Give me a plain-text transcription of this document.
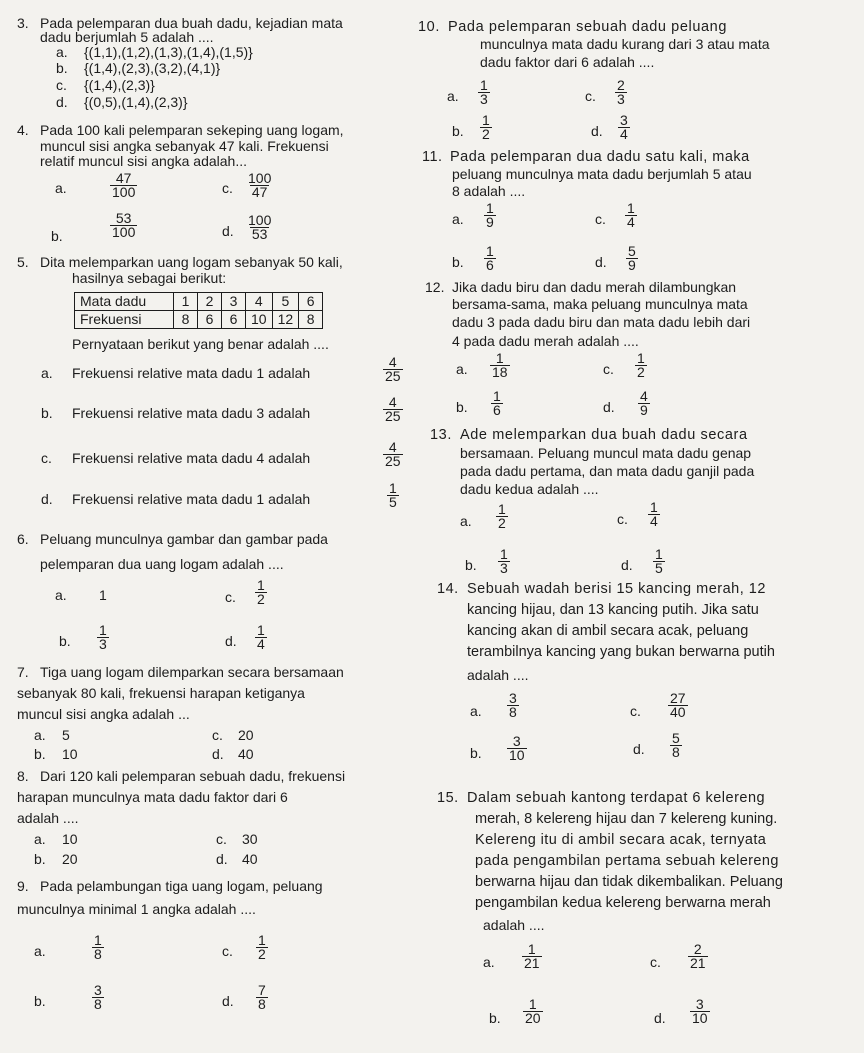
3. Pada pelemparan dua buah dadu, kejadian mata
dadu berjumlah 5 adalah ....
a. {(1,1),(1,2),(1,3),(1,4),(1,5)}
b. {(1,4),(2,3),(3,2),(4,1)}
c. {(1,4),(2,3)}
d. {(0,5),(1,4),(2,3)}
4. Pada 100 kali pelemparan sekeping uang logam,
muncul sisi angka sebanyak 47 kali. Frekuensi
relatif muncul sisi angka adalah...
a.	$\frac{47}{100}$	c. $\frac{100}{47}$
b.	$\frac{53}{100}$	d. $\frac{100}{53}$
5. Dita melemparkan uang logam sebanyak 50 kali,
hasilnya sebagai berikut:
Mata dadu	1	2	3	4	5	6
Frekuensi	8	6	6	10	12	8
Pernyataan berikut yang benar adalah ....
a. Frekuensi relative mata dadu 1 adalah	$\frac{4}{25}$
b. Frekuensi relative mata dadu 3 adalah	$\frac{4}{25}$
c. Frekuensi relative mata dadu 4 adalah	$\frac{4}{25}$
d. Frekuensi relative mata dadu 1 adalah	$\frac{1}{5}$
6. Peluang munculnya gambar dan gambar pada
pelemparan dua uang logam adalah ....
a. 1	c. $\frac{1}{2}$
b. $\frac{1}{3}$	d. $\frac{1}{4}$
7. Tiga uang logam dilemparkan secara bersamaan
sebanyak 80 kali, frekuensi harapan ketiganya
muncul sisi angka adalah ...
a. 5	c. 20
b. 10	d. 40
8. Dari 120 kali pelemparan sebuah dadu, frekuensi
harapan munculnya mata dadu faktor dari 6
adalah ....
a. 10	c. 30
b. 20	d. 40
9. Pada pelambungan tiga uang logam, peluang
munculnya minimal 1 angka adalah ....
a.	$\frac{1}{8}$	c. $\frac{1}{2}$
b.	$\frac{3}{8}$	d. $\frac{7}{8}$
10. Pada pelemparan sebuah dadu peluang
munculnya mata dadu kurang dari 3 atau mata
dadu faktor dari 6 adalah ....
a. $\frac{1}{3}$	c. $\frac{2}{3}$
b. $\frac{1}{2}$	d. $\frac{3}{4}$
11. Pada pelemparan dua dadu satu kali, maka
peluang munculnya mata dadu berjumlah 5 atau
8 adalah ....
a. $\frac{1}{9}$	c. $\frac{1}{4}$
b. $\frac{1}{6}$	d. $\frac{5}{9}$
12. Jika dadu biru dan dadu merah dilambungkan
bersama-sama, maka peluang munculnya mata
dadu 3 pada dadu biru dan mata dadu lebih dari
4 pada dadu merah adalah ....
a. $\frac{1}{18}$	c. $\frac{1}{2}$
b. $\frac{1}{6}$	d. $\frac{4}{9}$
13. Ade melemparkan dua buah dadu secara
bersamaan. Peluang muncul mata dadu genap
pada dadu pertama, dan mata dadu ganjil pada
dadu kedua adalah ....
a. $\frac{1}{2}$	c. $\frac{1}{4}$
b. $\frac{1}{3}$	d. $\frac{1}{5}$
14. Sebuah wadah berisi 15 kancing merah, 12
kancing hijau, dan 13 kancing putih. Jika satu
kancing akan di ambil secara acak, peluang
terambilnya kancing yang bukan berwarna putih
adalah ....
a. $\frac{3}{8}$	c. $\frac{27}{40}$
b. $\frac{3}{10}$	d. $\frac{5}{8}$
15. Dalam sebuah kantong terdapat 6 kelereng
merah, 8 kelereng hijau dan 7 kelereng kuning.
Kelereng itu di ambil secara acak, ternyata
pada pengambilan pertama sebuah kelereng
berwarna hijau dan tidak dikembalikan. Peluang
pengambilan kedua kelereng berwarna merah
adalah ....
a. $\frac{1}{21}$	c. $\frac{2}{21}$
b. $\frac{1}{20}$	d. $\frac{3}{10}$
